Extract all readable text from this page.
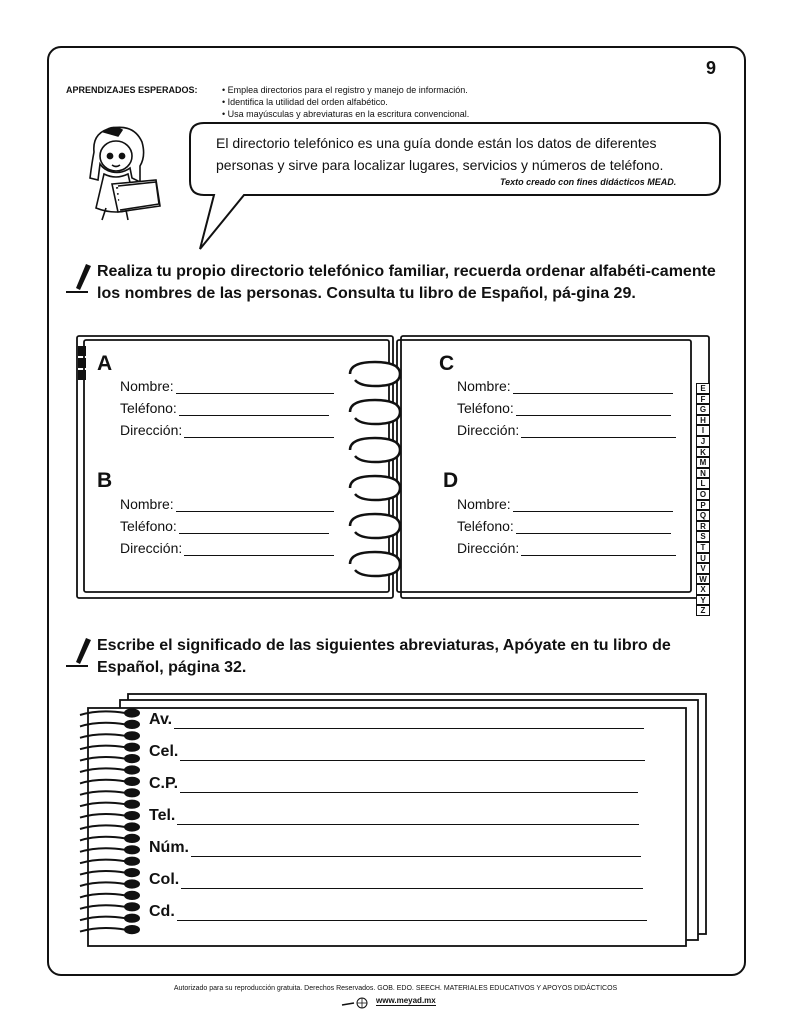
9
APRENDIZAJES ESPERADOS:	• Emplea directorios para el registro y manejo de información.
• Identifica la utilidad del orden alfabético.
• Usa mayúsculas y abreviaturas en la escritura convencional.
El directorio telefónico es una guía donde están los datos de diferentes personas y sirve para localizar lugares, servicios y números de teléfono.
Texto creado con fines didácticos MEAD.
Realiza tu propio directorio telefónico familiar, recuerda ordenar alfabéti-camente los nombres de las personas. Consulta tu libro de Español, pá-gina 29.
A
B
C
D
Nombre:
Teléfono:
Dirección:
Nombre:
Teléfono:
Dirección:
Nombre:
Teléfono:
Dirección:
Nombre:
Teléfono:
Dirección:
E
F
G
H
I
J
K
M
N
L
O
P
Q
R
S
T
U
V
W
X
Y
Z
Escribe el significado de las siguientes abreviaturas, Apóyate en tu libro de Español, página 32.
Av.
Cel.
C.P.
Tel.
Núm.
Col.
Cd.
Autorizado para su reproducción gratuita. Derechos Reservados. GOB. EDO. SEECH. MATERIALES EDUCATIVOS Y APOYOS DIDÁCTICOS
www.meyad.mx
